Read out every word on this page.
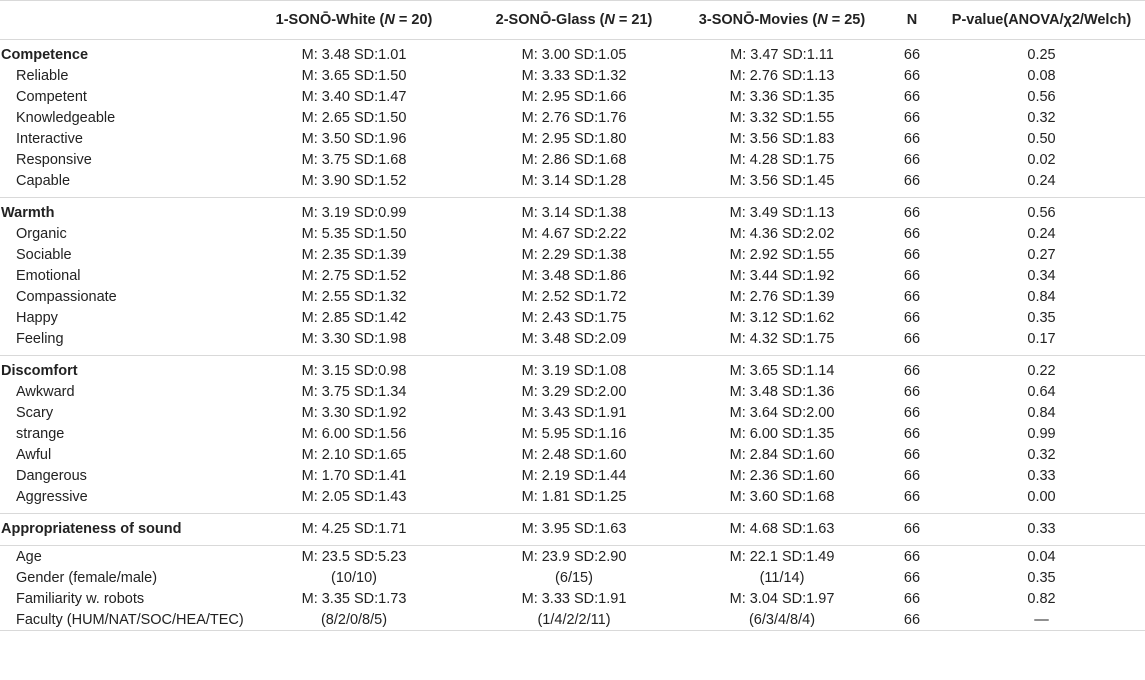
	1-SONŌ-White (N = 20)	2-SONŌ-Glass (N = 21)	3-SONŌ-Movies (N = 25)	N	P-value(ANOVA/χ2/Welch)
Competence	M: 3.48 SD:1.01	M: 3.00 SD:1.05	M: 3.47 SD:1.11	66	0.25
Reliable	M: 3.65 SD:1.50	M: 3.33 SD:1.32	M: 2.76 SD:1.13	66	0.08
Competent	M: 3.40 SD:1.47	M: 2.95 SD:1.66	M: 3.36 SD:1.35	66	0.56
Knowledgeable	M: 2.65 SD:1.50	M: 2.76 SD:1.76	M: 3.32 SD:1.55	66	0.32
Interactive	M: 3.50 SD:1.96	M: 2.95 SD:1.80	M: 3.56 SD:1.83	66	0.50
Responsive	M: 3.75 SD:1.68	M: 2.86 SD:1.68	M: 4.28 SD:1.75	66	0.02
Capable	M: 3.90 SD:1.52	M: 3.14 SD:1.28	M: 3.56 SD:1.45	66	0.24
Warmth	M: 3.19 SD:0.99	M: 3.14 SD:1.38	M: 3.49 SD:1.13	66	0.56
Organic	M: 5.35 SD:1.50	M: 4.67 SD:2.22	M: 4.36 SD:2.02	66	0.24
Sociable	M: 2.35 SD:1.39	M: 2.29 SD:1.38	M: 2.92 SD:1.55	66	0.27
Emotional	M: 2.75 SD:1.52	M: 3.48 SD:1.86	M: 3.44 SD:1.92	66	0.34
Compassionate	M: 2.55 SD:1.32	M: 2.52 SD:1.72	M: 2.76 SD:1.39	66	0.84
Happy	M: 2.85 SD:1.42	M: 2.43 SD:1.75	M: 3.12 SD:1.62	66	0.35
Feeling	M: 3.30 SD:1.98	M: 3.48 SD:2.09	M: 4.32 SD:1.75	66	0.17
Discomfort	M: 3.15 SD:0.98	M: 3.19 SD:1.08	M: 3.65 SD:1.14	66	0.22
Awkward	M: 3.75 SD:1.34	M: 3.29 SD:2.00	M: 3.48 SD:1.36	66	0.64
Scary	M: 3.30 SD:1.92	M: 3.43 SD:1.91	M: 3.64 SD:2.00	66	0.84
strange	M: 6.00 SD:1.56	M: 5.95 SD:1.16	M: 6.00 SD:1.35	66	0.99
Awful	M: 2.10 SD:1.65	M: 2.48 SD:1.60	M: 2.84 SD:1.60	66	0.32
Dangerous	M: 1.70 SD:1.41	M: 2.19 SD:1.44	M: 2.36 SD:1.60	66	0.33
Aggressive	M: 2.05 SD:1.43	M: 1.81 SD:1.25	M: 3.60 SD:1.68	66	0.00
Appropriateness of sound	M: 4.25 SD:1.71	M: 3.95 SD:1.63	M: 4.68 SD:1.63	66	0.33
Age	M: 23.5 SD:5.23	M: 23.9 SD:2.90	M: 22.1 SD:1.49	66	0.04
Gender (female/male)	(10/10)	(6/15)	(11/14)	66	0.35
Familiarity w. robots	M: 3.35 SD:1.73	M: 3.33 SD:1.91	M: 3.04 SD:1.97	66	0.82
Faculty (HUM/NAT/SOC/HEA/TEC)	(8/2/0/8/5)	(1/4/2/2/11)	(6/3/4/8/4)	66	—
